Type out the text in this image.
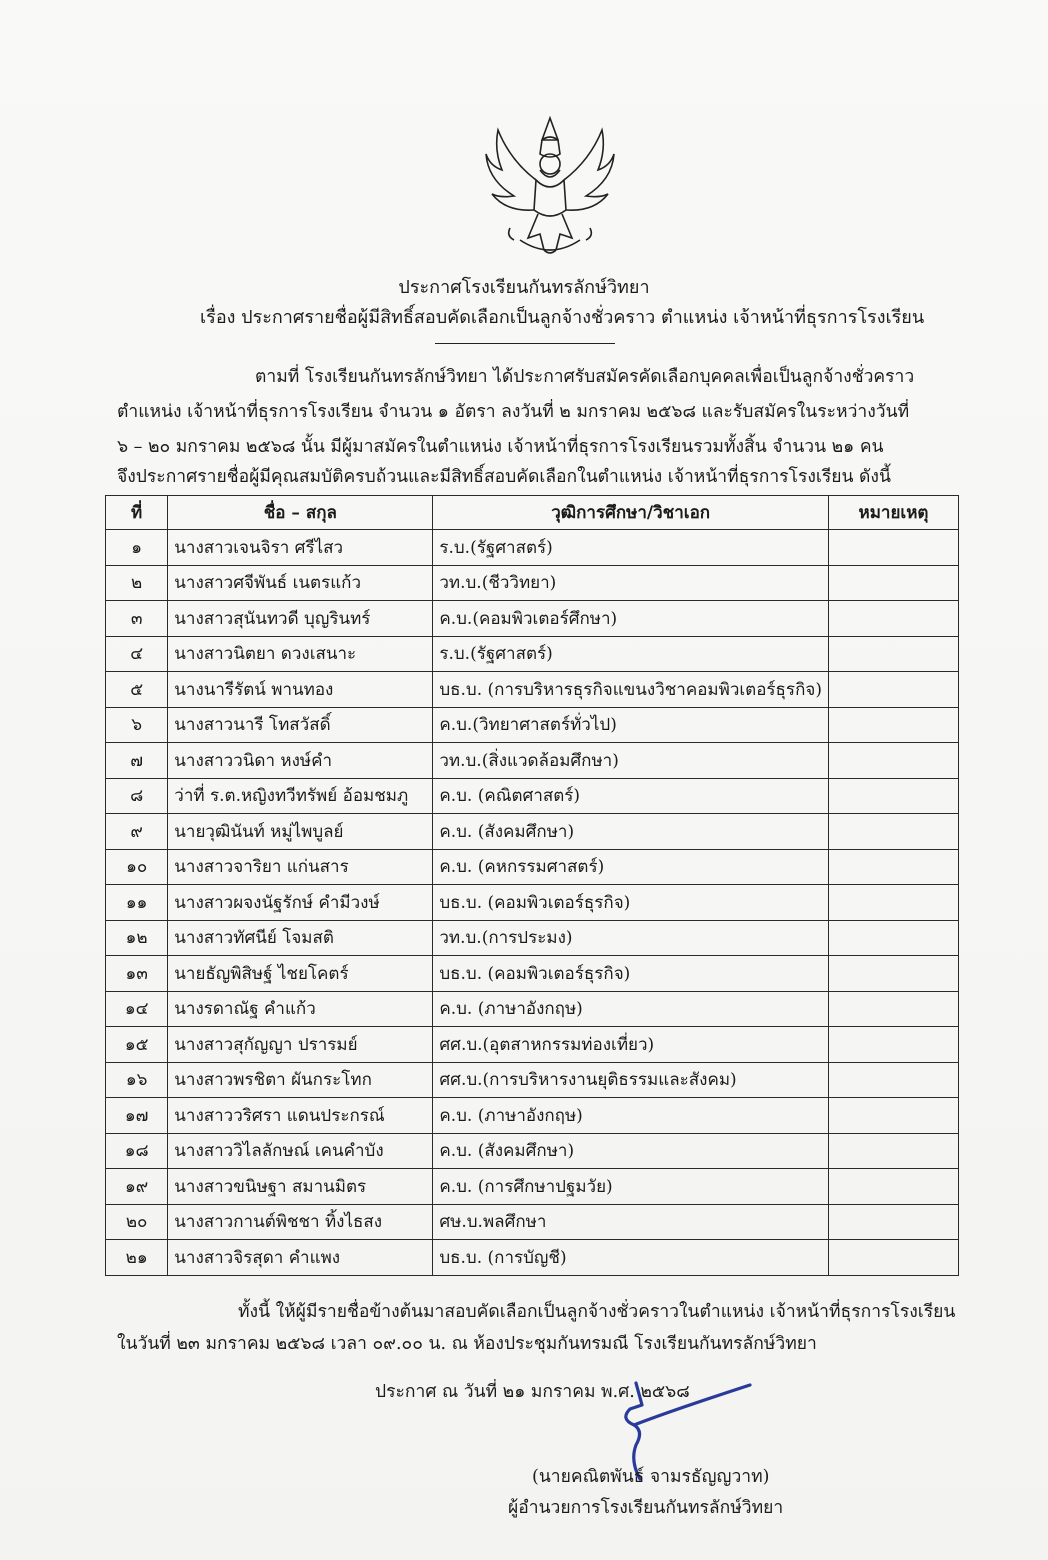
ประกาศโรงเรียนกันทรลักษ์วิทยา
เรื่อง ประกาศรายชื่อผู้มีสิทธิ์สอบคัดเลือกเป็นลูกจ้างชั่วคราว ตำแหน่ง เจ้าหน้าที่ธุรการโรงเรียน
ตามที่ โรงเรียนกันทรลักษ์วิทยา ได้ประกาศรับสมัครคัดเลือกบุคคลเพื่อเป็นลูกจ้างชั่วคราว
ตำแหน่ง เจ้าหน้าที่ธุรการโรงเรียน จำนวน ๑ อัตรา ลงวันที่ ๒ มกราคม ๒๕๖๘ และรับสมัครในระหว่างวันที่
๖ – ๒๐ มกราคม ๒๕๖๘ นั้น มีผู้มาสมัครในตำแหน่ง เจ้าหน้าที่ธุรการโรงเรียนรวมทั้งสิ้น จำนวน ๒๑ คน
จึงประกาศรายชื่อผู้มีคุณสมบัติครบถ้วนและมีสิทธิ์สอบคัดเลือกในตำแหน่ง เจ้าหน้าที่ธุรการโรงเรียน ดังนี้
ที่	ชื่อ – สกุล	วุฒิการศึกษา/วิชาเอก	หมายเหตุ
๑	นางสาวเจนจิรา ศรีไสว	ร.บ.(รัฐศาสตร์)	
๒	นางสาวศจีพันธ์ เนตรแก้ว	วท.บ.(ชีววิทยา)	
๓	นางสาวสุนันทวดี บุญรินทร์	ค.บ.(คอมพิวเตอร์ศึกษา)	
๔	นางสาวนิตยา ดวงเสนาะ	ร.บ.(รัฐศาสตร์)	
๕	นางนารีรัตน์ พานทอง	บธ.บ. (การบริหารธุรกิจแขนงวิชาคอมพิวเตอร์ธุรกิจ)	
๖	นางสาวนารี โทสวัสดิ์	ค.บ.(วิทยาศาสตร์ทั่วไป)	
๗	นางสาววนิดา หงษ์คำ	วท.บ.(สิ่งแวดล้อมศึกษา)	
๘	ว่าที่ ร.ต.หญิงทวีทรัพย์ อ้อมชมภู	ค.บ. (คณิตศาสตร์)	
๙	นายวุฒินันท์ หมู่ไพบูลย์	ค.บ. (สังคมศึกษา)	
๑๐	นางสาวจาริยา แก่นสาร	ค.บ. (คหกรรมศาสตร์)	
๑๑	นางสาวผจงนัฐรักษ์ คำมีวงษ์	บธ.บ. (คอมพิวเตอร์ธุรกิจ)	
๑๒	นางสาวทัศนีย์ โจมสติ	วท.บ.(การประมง)	
๑๓	นายธัญพิสิษฐ์ ไชยโคตร์	บธ.บ. (คอมพิวเตอร์ธุรกิจ)	
๑๔	นางรดาณัฐ คำแก้ว	ค.บ. (ภาษาอังกฤษ)	
๑๕	นางสาวสุกัญญา ปรารมย์	ศศ.บ.(อุตสาหกรรมท่องเที่ยว)	
๑๖	นางสาวพรชิตา ผันกระโทก	ศศ.บ.(การบริหารงานยุติธรรมและสังคม)	
๑๗	นางสาววริศรา แดนประกรณ์	ค.บ. (ภาษาอังกฤษ)	
๑๘	นางสาววิไลลักษณ์ เคนคำบัง	ค.บ. (สังคมศึกษา)	
๑๙	นางสาวขนิษฐา สมานมิตร	ค.บ. (การศึกษาปฐมวัย)	
๒๐	นางสาวกานต์พิชชา ทิ้งไธสง	ศษ.บ.พลศึกษา	
๒๑	นางสาวจิรสุดา คำแพง	บธ.บ. (การบัญชี)	
ทั้งนี้ ให้ผู้มีรายชื่อข้างต้นมาสอบคัดเลือกเป็นลูกจ้างชั่วคราวในตำแหน่ง เจ้าหน้าที่ธุรการโรงเรียน
ในวันที่ ๒๓ มกราคม ๒๕๖๘ เวลา ๐๙.๐๐ น. ณ ห้องประชุมกันทรมณี โรงเรียนกันทรลักษ์วิทยา
ประกาศ ณ วันที่ ๒๑ มกราคม พ.ศ. ๒๕๖๘
(นายคณิตพันธ์ จามรธัญญวาท)
ผู้อำนวยการโรงเรียนกันทรลักษ์วิทยา
